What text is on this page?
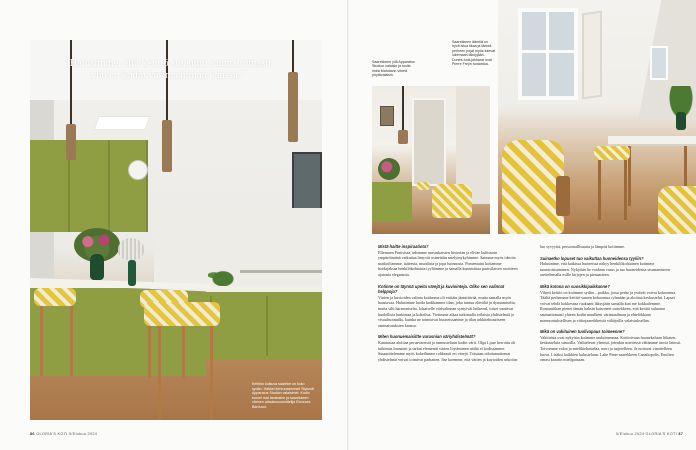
”Halusimme, että keittiö sulautuu saumattomasti yhteen kodin värimaailman kanssa.”
Keittiön kulkuva saareke on koko sydän. Hakkel kehruuasennelt Stylundi Apparatus Studion valaisimet. Kodin tunnel mat laminaine ja saarekkeen värinen alavalusuunnittelija Eleonora Barbucci.
86 GLORIA'S KOTI 5/Elokuu 2024
Saarekkeen yllä Apparatus Studion valaisin ja tuolla India Mahdavin vihreä pöytävalaisin.
Saarekkeen äärellä on hyvä istua ilkaa ja tärkeä perheen pojat myös tulevat lukemaan läksyjään. Dunes-tuoli-jakkarat ovat Pierre Freyn tuotantoa.
Mistä haitte inspiraatiota?
Ellenmen Pariisissa, inhimme runsaskaisten historian ja eliväe kulttuurin ympäröimänä vaikuttaa lintyvät ostnettäin mielyinykyhimme. Saimme myös ideoita matkoiltamme, taiteesta, muodista ja jopa luonnosta. Pomentuttu kotiamme hoidajaksaa henkilökohtaista tyyliämme ja samalla kunnioittaa pariisilaisen osoitteen ajatonta eleganssia.
Kotinne on täynnä upeita värejä ja kuviointeja. Oliko sen valinnat helppoja?
Värien ja kuvioiden valinta kotiimme oli erittäin jännittävää, mutta samalla myös haastavaa. Halusimme luoda kodikamme tilan, joka tuntuu elävältä ja dynaamiselta, mutta silti harmoniselta. Jokaiselle värivalinnan syntyivät hetkeenl, toiset vaatitvat huolellista harkintaa ja kokeilua. Vietimme aikaa tutkimalla erilaisia yhdistelmiä ja visualisoimalla, kuinka ne toimisivat huoneissamme ja tilan arkkitehtuuriseen ominaisuuksien kanssa.
Miten huonuemaisiltte varusnian väriyhdistelmät?
Kannustaa aloittaa perusväreistä ja tunnusteluun kodin värit. Olga Ljuse kerrottu oli tutkimus lounaisti ja tarkat elementti värien löytäminen näiltä ei kodissamme. Suunnittelemme myös kokeilimme rohkeasti eri värejä. Toistaan odottamattomat yhdistelmät voivat toimivat parhaiten. Itse koemme, että värien ja kuvioiden sekoitus
luo syvyyttä, persoonallisuutta ja lämpöä kotiimme.
Suinaetko lopuset tuo vaikuttaa huoneidensa tyyliin?
Halusimme, että kaikissa huoneissa näkyy henkilökohtainen kotimme tuomioistuiminen. Nykyään lie voidaan varus ja tuo huoneidensa sisustamiseen asettelemalla esille kirjojen ja pienaarteen.
Mikä kotona on suosikkipaikkanne?
Vihreä keittiö on kotimme sydän – paikka, jossa perhe ja ystävät voivat kokoontua. Täältä perhemme keittiö-saaren kokoontua ryhmään ja aloittaa keskustelut. Lapset voivat tehdä kokkesnsa ruokaani läksyjään samalla kun me kokkailemme. Romantiikan pienet tämän kaksin katsoneet saarekkeen, että keittiö sulautuu saumattomasti yhteen kodin muulkeni värimaailman ja ehtelökkaan marmorituksellisen ja viittojaaretkkeistä väliäjoilla valaistuksellan.
Mikä on vakituinen tuolivapaus toimeenne?
Vakituisia ovat nykyisin kotimme tauluimennaa. Kotitoivaan huonekaluun liikaten, keskusteluia samoilla. Vaihtelevat yleensä, jotenkin mieitessä vältämme tarvia laitosti. Toivomme valoa ja mielikiehastelaa, meri ja tarjetelleen. Ja noitavat vinottelleen luova. Lisäksi kaikkien kalusteluun. Lake Penn-saarekkeen Canaliopolis, Emilien omasi kraarin mielipatsaan.
5/Elokuu 2024 GLORIA'S KOTI 87
